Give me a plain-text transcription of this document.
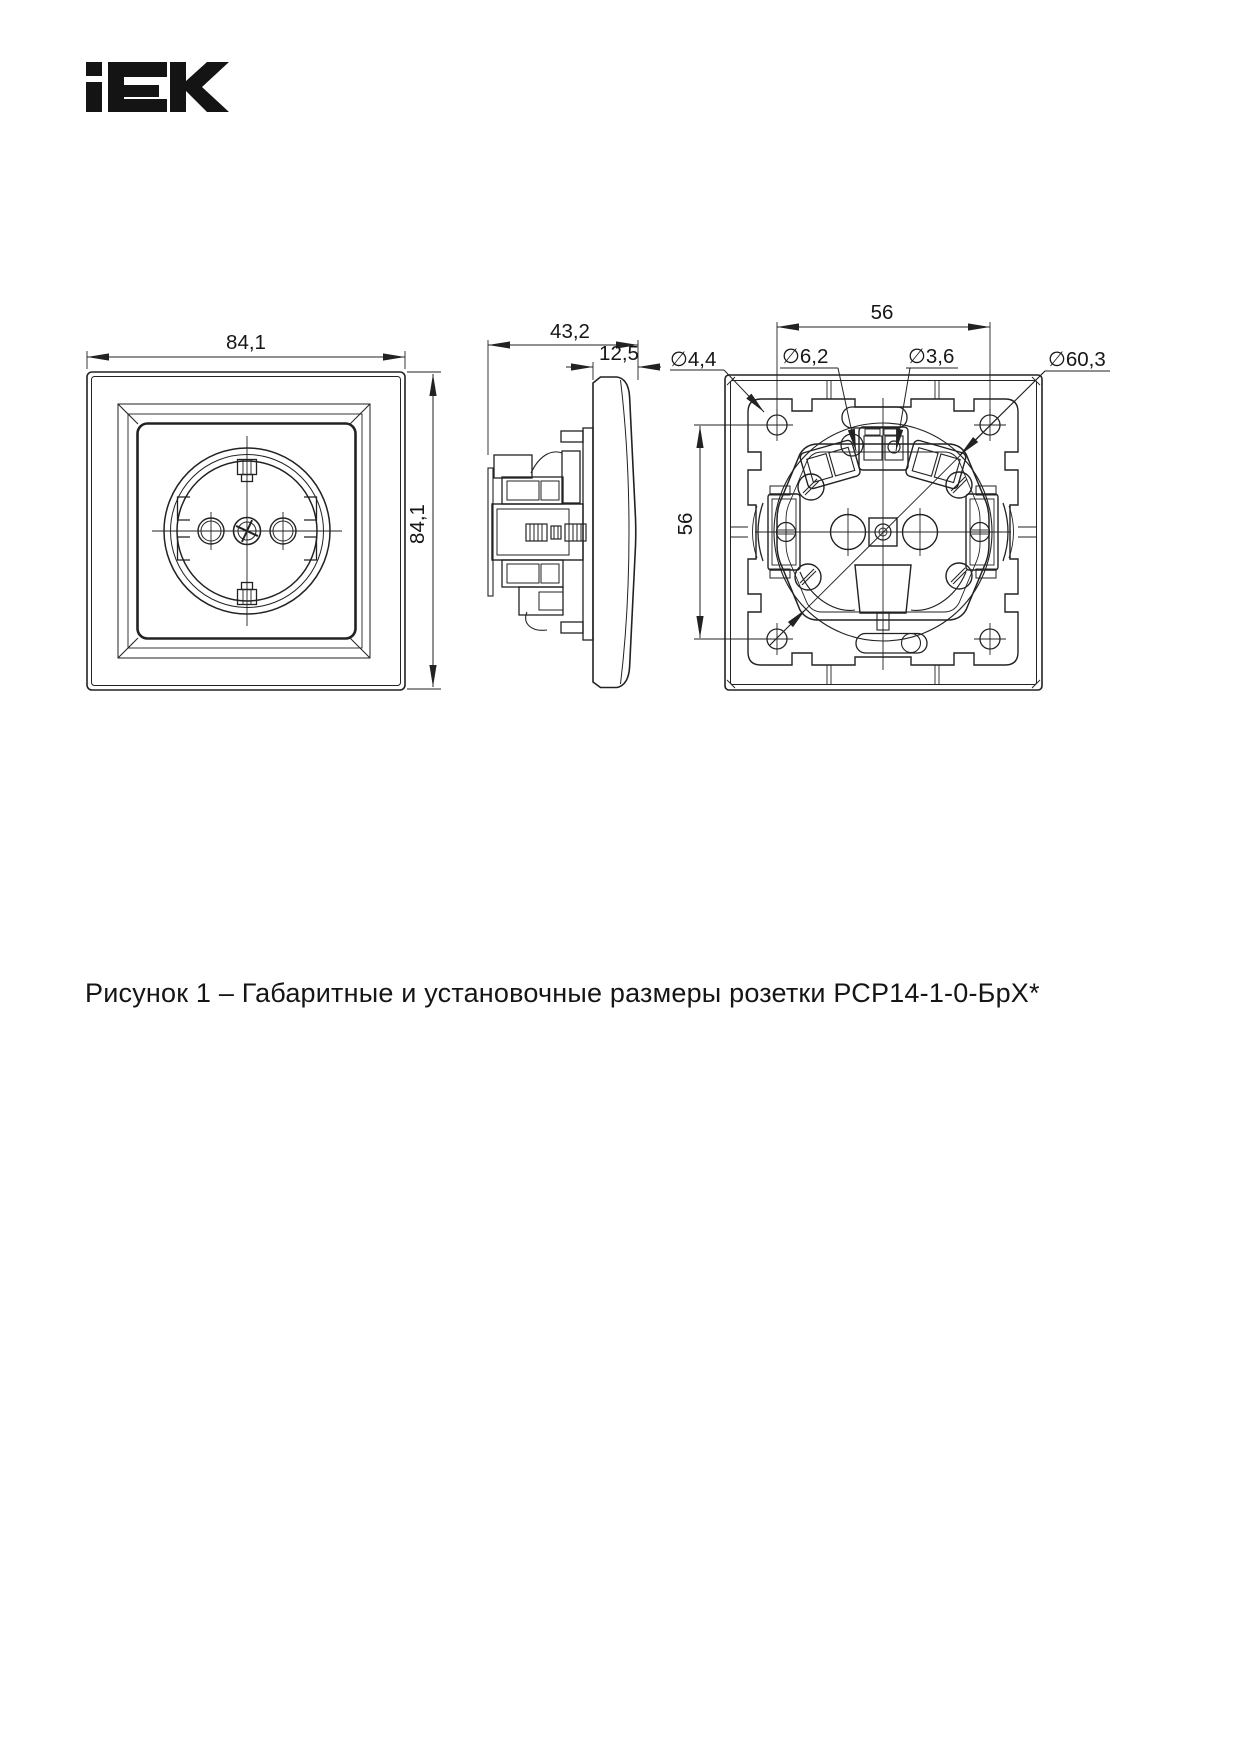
84,1
84,1
43,2
12,5
56
56
∅4,4	∅6,2	∅3,6	∅60,3
Рисунок 1 – Габаритные и установочные размеры розетки РСР14-1-0-БрХ*
